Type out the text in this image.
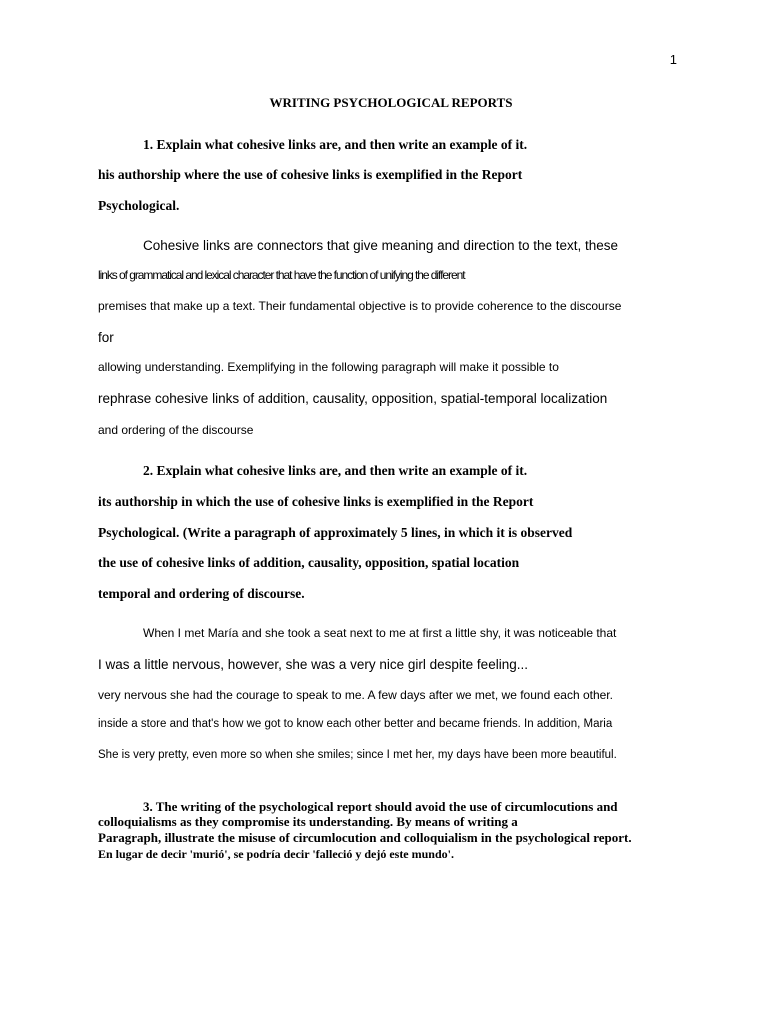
1
WRITING PSYCHOLOGICAL REPORTS
1. Explain what cohesive links are, and then write an example of it.
his authorship where the use of cohesive links is exemplified in the Report
Psychological.
Cohesive links are connectors that give meaning and direction to the text, these
links of grammatical and lexical character that have the function of unifying the different
premises that make up a text. Their fundamental objective is to provide coherence to the discourse
for
allowing understanding. Exemplifying in the following paragraph will make it possible to
rephrase cohesive links of addition, causality, opposition, spatial-temporal localization
and ordering of the discourse
2. Explain what cohesive links are, and then write an example of it.
its authorship in which the use of cohesive links is exemplified in the Report
Psychological. (Write a paragraph of approximately 5 lines, in which it is observed
the use of cohesive links of addition, causality, opposition, spatial location
temporal and ordering of discourse.
When I met María and she took a seat next to me at first a little shy, it was noticeable that
I was a little nervous, however, she was a very nice girl despite feeling...
very nervous she had the courage to speak to me. A few days after we met, we found each other.
inside a store and that's how we got to know each other better and became friends. In addition, Maria
She is very pretty, even more so when she smiles; since I met her, my days have been more beautiful.
3. The writing of the psychological report should avoid the use of circumlocutions and
colloquialisms as they compromise its understanding. By means of writing a
Paragraph, illustrate the misuse of circumlocution and colloquialism in the psychological report.
En lugar de decir 'murió', se podría decir 'falleció y dejó este mundo'.
